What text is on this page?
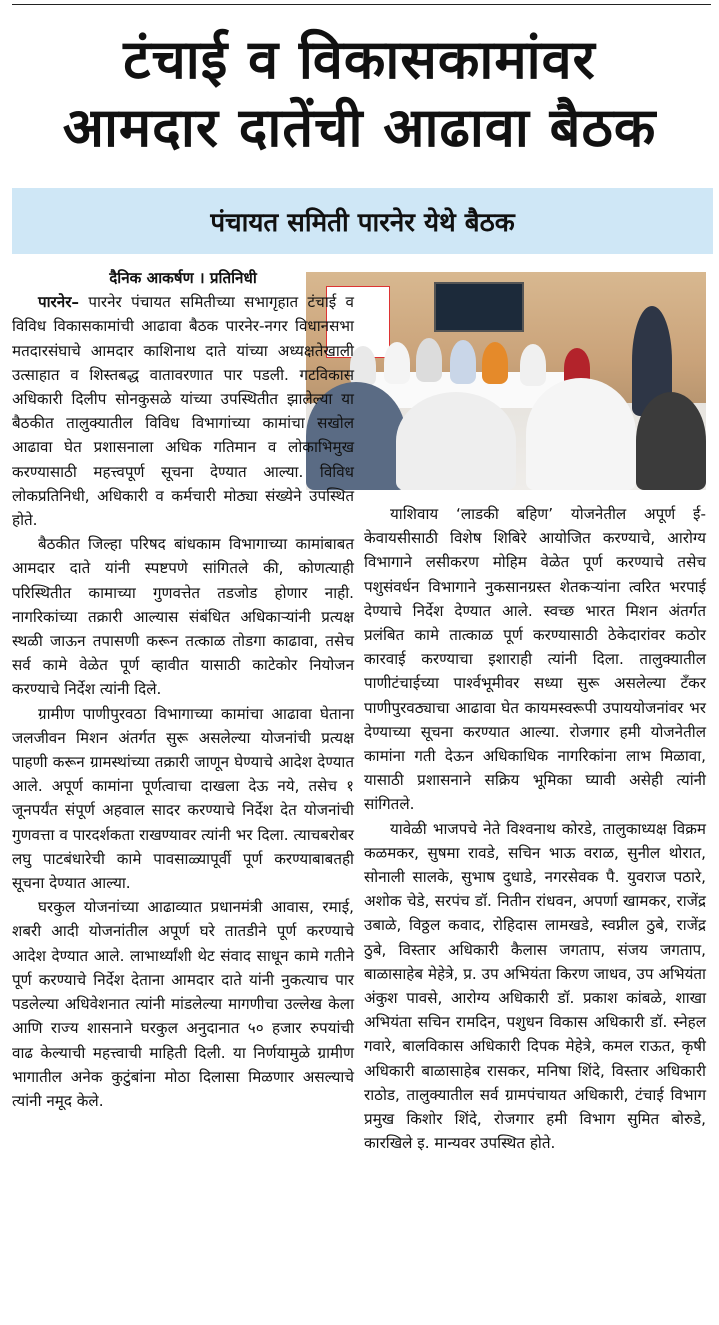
टंचाई व विकासकामांवर
आमदार दातेंची आढावा बैठक
पंचायत समिती पारनेर येथे बैठक

दैनिक आकर्षण । प्रतिनिधी

पारनेर– पारनेर पंचायत समितीच्या सभागृहात टंचाई व विविध विकासकामांची आढावा बैठक पारनेर-नगर विधानसभा मतदारसंघाचे आमदार काशिनाथ दाते यांच्या अध्यक्षतेखाली उत्साहात व शिस्तबद्ध वातावरणात पार पडली. गटविकास अधिकारी दिलीप सोनकुसळे यांच्या उपस्थितीत झालेल्या या बैठकीत तालुक्यातील विविध विभागांच्या कामांचा सखोल आढावा घेत प्रशासनाला अधिक गतिमान व लोकाभिमुख करण्यासाठी महत्त्वपूर्ण सूचना देण्यात आल्या. विविध लोकप्रतिनिधी, अधिकारी व कर्मचारी मोठ्या संख्येने उपस्थित होते.

बैठकीत जिल्हा परिषद बांधकाम विभागाच्या कामांबाबत आमदार दाते यांनी स्पष्टपणे सांगितले की, कोणत्याही परिस्थितीत कामाच्या गुणवत्तेत तडजोड होणार नाही. नागरिकांच्या तक्रारी आल्यास संबंधित अधिकाऱ्यांनी प्रत्यक्ष स्थळी जाऊन तपासणी करून तत्काळ तोडगा काढावा, तसेच सर्व कामे वेळेत पूर्ण व्हावीत यासाठी काटेकोर नियोजन करण्याचे निर्देश त्यांनी दिले.

ग्रामीण पाणीपुरवठा विभागाच्या कामांचा आढावा घेताना जलजीवन मिशन अंतर्गत सुरू असलेल्या योजनांची प्रत्यक्ष पाहणी करून ग्रामस्थांच्या तक्रारी जाणून घेण्याचे आदेश देण्यात आले. अपूर्ण कामांना पूर्णत्वाचा दाखला देऊ नये, तसेच १ जूनपर्यंत संपूर्ण अहवाल सादर करण्याचे निर्देश देत योजनांची गुणवत्ता व पारदर्शकता राखण्यावर त्यांनी भर दिला. त्याचबरोबर लघु पाटबंधारेची कामे पावसाळ्यापूर्वी पूर्ण करण्याबाबतही सूचना देण्यात आल्या.

घरकुल योजनांच्या आढाव्यात प्रधानमंत्री आवास, रमाई, शबरी आदी योजनांतील अपूर्ण घरे तातडीने पूर्ण करण्याचे आदेश देण्यात आले. लाभार्थ्यांशी थेट संवाद साधून कामे गतीने पूर्ण करण्याचे निर्देश देताना आमदार दाते यांनी नुकत्याच पार पडलेल्या अधिवेशनात त्यांनी मांडलेल्या मागणीचा उल्लेख केला आणि राज्य शासनाने घरकुल अनुदानात ५० हजार रुपयांची वाढ केल्याची महत्त्वाची माहिती दिली. या निर्णयामुळे ग्रामीण भागातील अनेक कुटुंबांना मोठा दिलासा मिळणार असल्याचे त्यांनी नमूद केले.

याशिवाय ‘लाडकी बहिण’ योजनेतील अपूर्ण ई-केवायसीसाठी विशेष शिबिरे आयोजित करण्याचे, आरोग्य विभागाने लसीकरण मोहिम वेळेत पूर्ण करण्याचे तसेच पशुसंवर्धन विभागाने नुकसानग्रस्त शेतकऱ्यांना त्वरित भरपाई देण्याचे निर्देश देण्यात आले. स्वच्छ भारत मिशन अंतर्गत प्रलंबित कामे तात्काळ पूर्ण करण्यासाठी ठेकेदारांवर कठोर कारवाई करण्याचा इशाराही त्यांनी दिला. तालुक्यातील पाणीटंचाईच्या पार्श्वभूमीवर सध्या सुरू असलेल्या टँकर पाणीपुरवठ्याचा आढावा घेत कायमस्वरूपी उपाययोजनांवर भर देण्याच्या सूचना करण्यात आल्या. रोजगार हमी योजनेतील कामांना गती देऊन अधिकाधिक नागरिकांना लाभ मिळावा, यासाठी प्रशासनाने सक्रिय भूमिका घ्यावी असेही त्यांनी सांगितले.

यावेळी भाजपचे नेते विश्वनाथ कोरडे, तालुकाध्यक्ष विक्रम कळमकर, सुषमा रावडे, सचिन भाऊ वराळ, सुनील थोरात, सोनाली सालके, सुभाष दुधाडे, नगरसेवक पै. युवराज पठारे, अशोक चेडे, सरपंच डॉ. नितीन रांधवन, अपर्णा खामकर, राजेंद्र उबाळे, विठ्ठल कवाद, रोहिदास लामखडे, स्वप्नील ठुबे, राजेंद्र ठुबे, विस्तार अधिकारी कैलास जगताप, संजय जगताप, बाळासाहेब मेहेत्रे, प्र. उप अभियंता किरण जाधव, उप अभियंता अंकुश पावसे, आरोग्य अधिकारी डॉ. प्रकाश कांबळे, शाखा अभियंता सचिन रामदिन, पशुधन विकास अधिकारी डॉ. स्नेहल गवारे, बालविकास अधिकारी दिपक मेहेत्रे, कमल राऊत, कृषी अधिकारी बाळासाहेब रासकर, मनिषा शिंदे, विस्तार अधिकारी राठोड, तालुक्यातील सर्व ग्रामपंचायत अधिकारी, टंचाई विभाग प्रमुख किशोर शिंदे, रोजगार हमी विभाग सुमित बोरुडे, कारखिले इ. मान्यवर उपस्थित होते.
